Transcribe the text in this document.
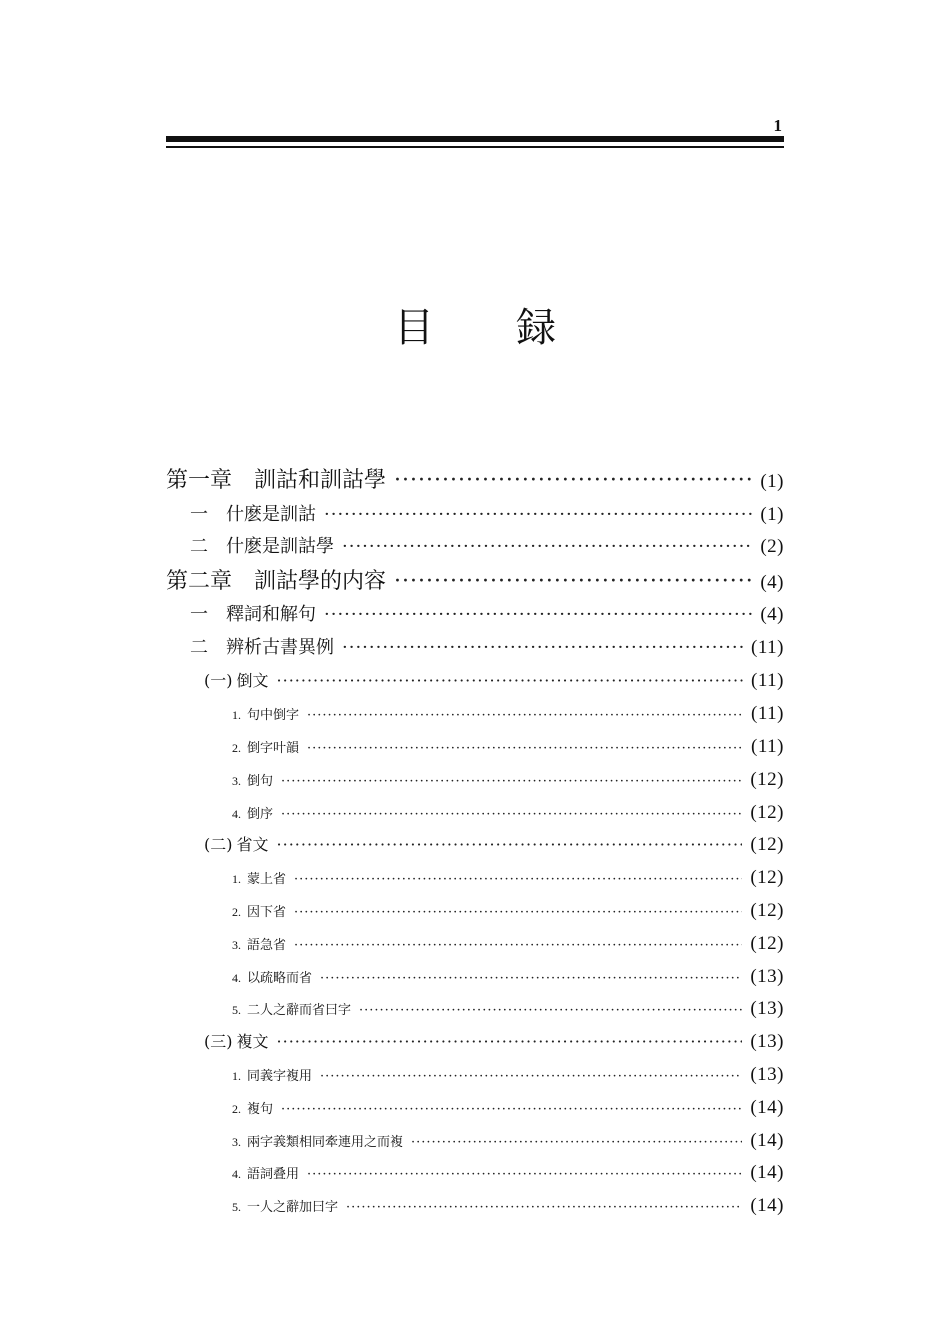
1
目 録
第一章 訓詁和訓詁學 ·····	(1)
一 什麽是訓詁 ·····	(1)
二 什麽是訓詁學 ·····	(2)
第二章 訓詁學的内容 ·····	(4)
一 釋詞和解句 ·····	(4)
二 辨析古書異例 ·····	(11)
(一) 倒文 ·····	(11)
1. 句中倒字 ·····	(11)
2. 倒字叶韻 ·····	(11)
3. 倒句 ·····	(12)
4. 倒序 ·····	(12)
(二) 省文 ·····	(12)
1. 蒙上省 ·····	(12)
2. 因下省 ·····	(12)
3. 語急省 ·····	(12)
4. 以疏略而省 ·····	(13)
5. 二人之辭而省曰字 ·····	(13)
(三) 複文 ·····	(13)
1. 同義字複用 ·····	(13)
2. 複句 ·····	(14)
3. 兩字義類相同牽連用之而複 ·····	(14)
4. 語詞叠用 ·····	(14)
5. 一人之辭加曰字 ·····	(14)
